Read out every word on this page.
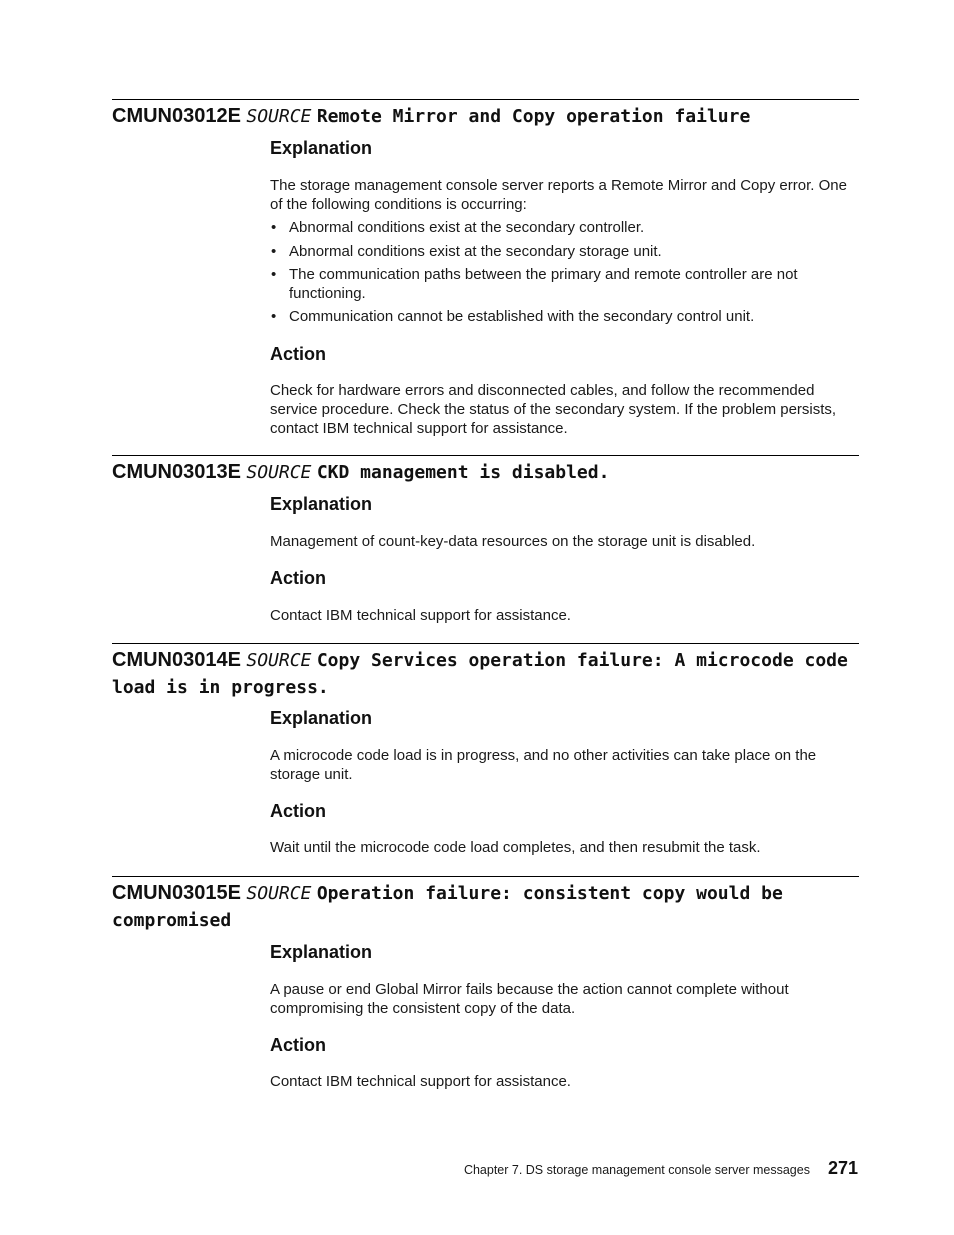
CMUN03012E SOURCE Remote Mirror and Copy operation failure
Explanation

The storage management console server reports a Remote Mirror and Copy error. One of the following conditions is occurring:

• Abnormal conditions exist at the secondary controller.
• Abnormal conditions exist at the secondary storage unit.
• The communication paths between the primary and remote controller are not functioning.
• Communication cannot be established with the secondary control unit.
Action

Check for hardware errors and disconnected cables, and follow the recommended service procedure. Check the status of the secondary system. If the problem persists, contact IBM technical support for assistance.

CMUN03013E SOURCE CKD management is disabled.
Explanation

Management of count-key-data resources on the storage unit is disabled.

Action

Contact IBM technical support for assistance.

CMUN03014E SOURCE Copy Services operation failure: A microcode code load is in progress.
Explanation

A microcode code load is in progress, and no other activities can take place on the storage unit.

Action

Wait until the microcode code load completes, and then resubmit the task.

CMUN03015E SOURCE Operation failure: consistent copy would be compromised
Explanation

A pause or end Global Mirror fails because the action cannot complete without compromising the consistent copy of the data.

Action

Contact IBM technical support for assistance.

Chapter 7. DS storage management console server messages 271
